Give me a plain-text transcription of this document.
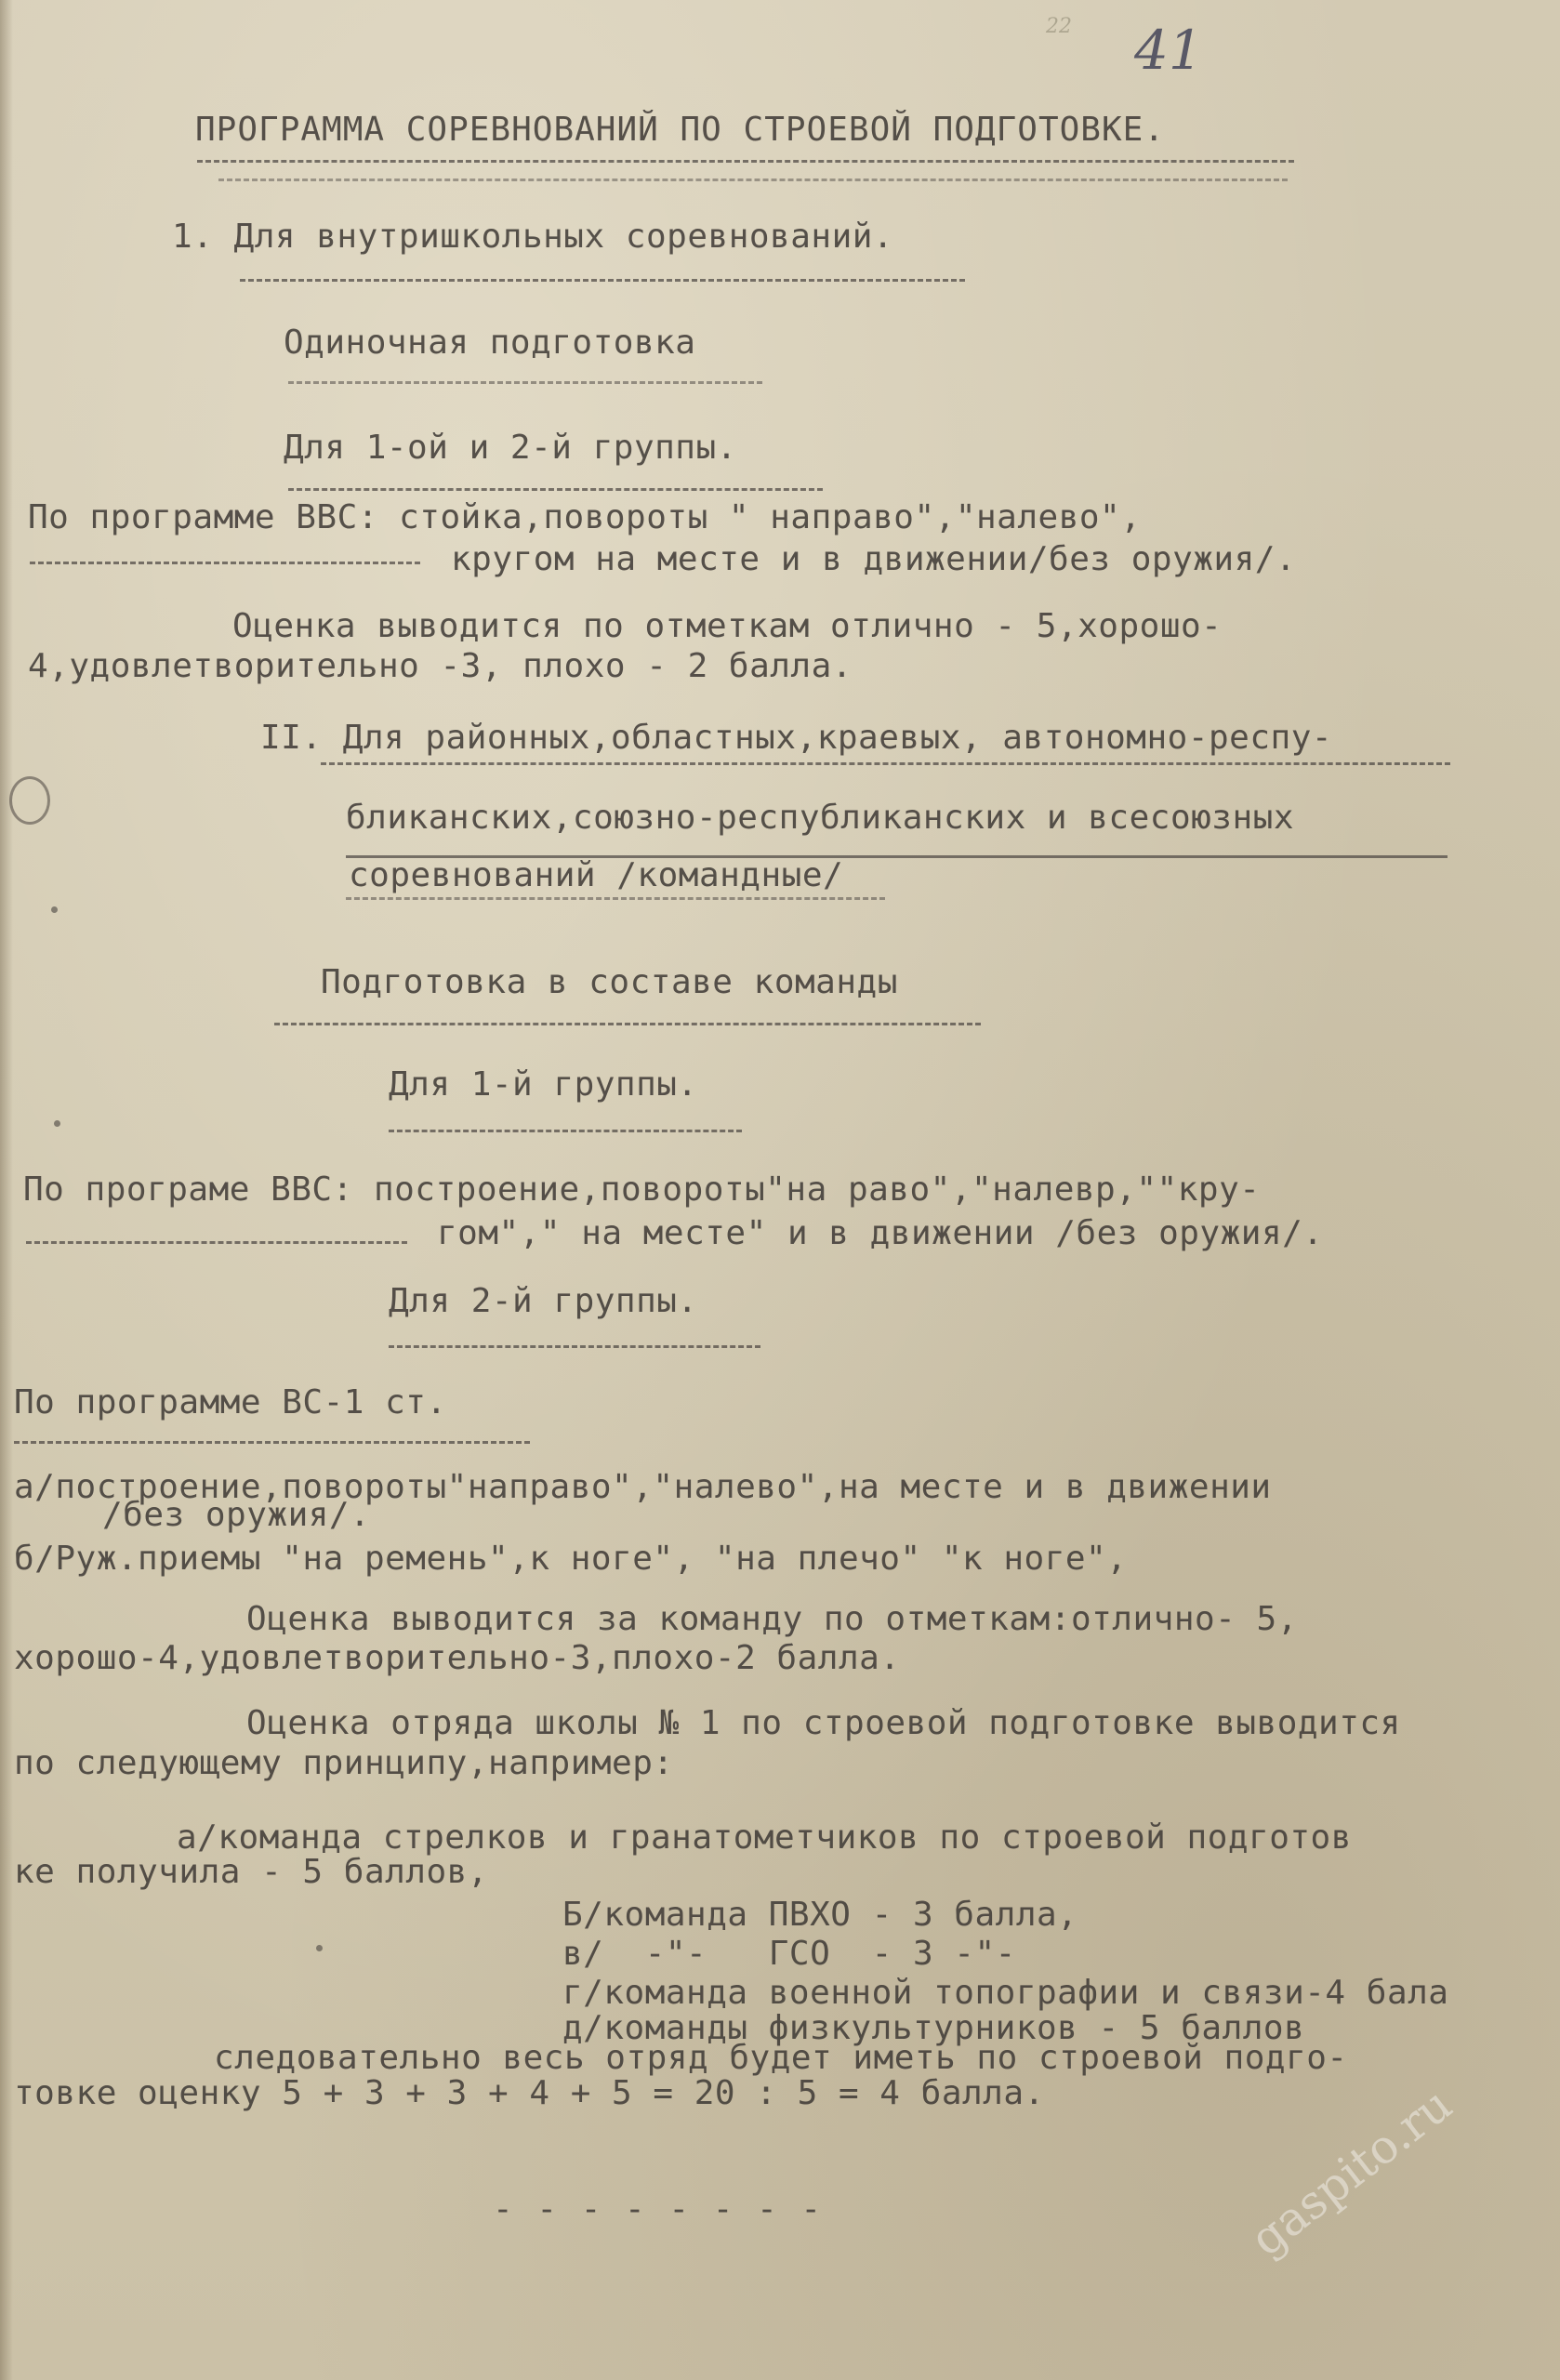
22 41
ПРОГРАММА СОРЕВНОВАНИЙ ПО СТРОЕВОЙ ПОДГОТОВКЕ.
1. Для внутришкольных соревнований.
Одиночная подготовка
Для 1-ой и 2-й группы.
По программе ВВС: стойка,повороты " направо","налево",
кругом на месте и в движении/без оружия/.
Оценка выводится по отметкам отлично - 5,хорошо-
4,удовлетворительно -3, плохо - 2 балла.
II. Для районных,областных,краевых, автономно-респу-
бликанских,союзно-республиканских и всесоюзных
соревнований /командные/
Подготовка в составе команды
Для 1-й группы.
По програме ВВС: построение,повороты"на раво","налевр,""кру-
гом"," на месте" и в движении /без оружия/.
Для 2-й группы.
По программе ВС-1 ст.
а/построение,повороты"направо","налево",на месте и в движении
/без оружия/.
б/Руж.приемы "на ремень",к ноге", "на плечо" "к ноге",
Оценка выводится за команду по отметкам:отлично- 5,
хорошо-4,удовлетворительно-3,плохо-2 балла.
Оценка отряда школы № 1 по строевой подготовке выводится
по следующему принципу,например:
а/команда стрелков и гранатометчиков по строевой подготов
ке получила - 5 баллов,
Б/команда ПВХО - 3 балла,
в/  -"-   ГСО  - 3 -"-
г/команда военной топографии и связи-4 бала
д/команды физкультурников - 5 баллов
следовательно весь отряд будет иметь по строевой подго-
товке оценку 5 + 3 + 3 + 4 + 5 = 20 : 5 = 4 балла.
- - - - - - - -	gaspito.ru
